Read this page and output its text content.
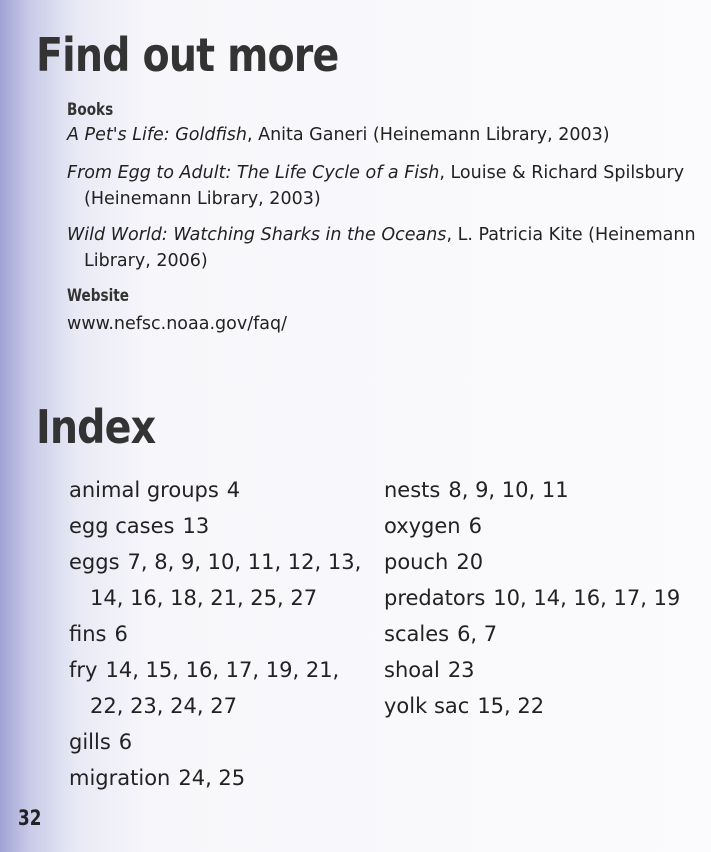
Find out more
Books

A Pet's Life: Goldfish, Anita Ganeri (Heinemann Library, 2003)

From Egg to Adult: The Life Cycle of a Fish, Louise & Richard Spilsbury (Heinemann Library, 2003)

Wild World: Watching Sharks in the Oceans, L. Patricia Kite (Heinemann Library, 2006)

Website

www.nefsc.noaa.gov/faq/

Index

animal groups 4

egg cases 13

eggs 7, 8, 9, 10, 11, 12, 13, 14, 16, 18, 21, 25, 27

fins 6

fry 14, 15, 16, 17, 19, 21, 22, 23, 24, 27

gills 6

migration 24, 25

nests 8, 9, 10, 11

oxygen 6

pouch 20

predators 10, 14, 16, 17, 19

scales 6, 7

shoal 23

yolk sac 15, 22

32
